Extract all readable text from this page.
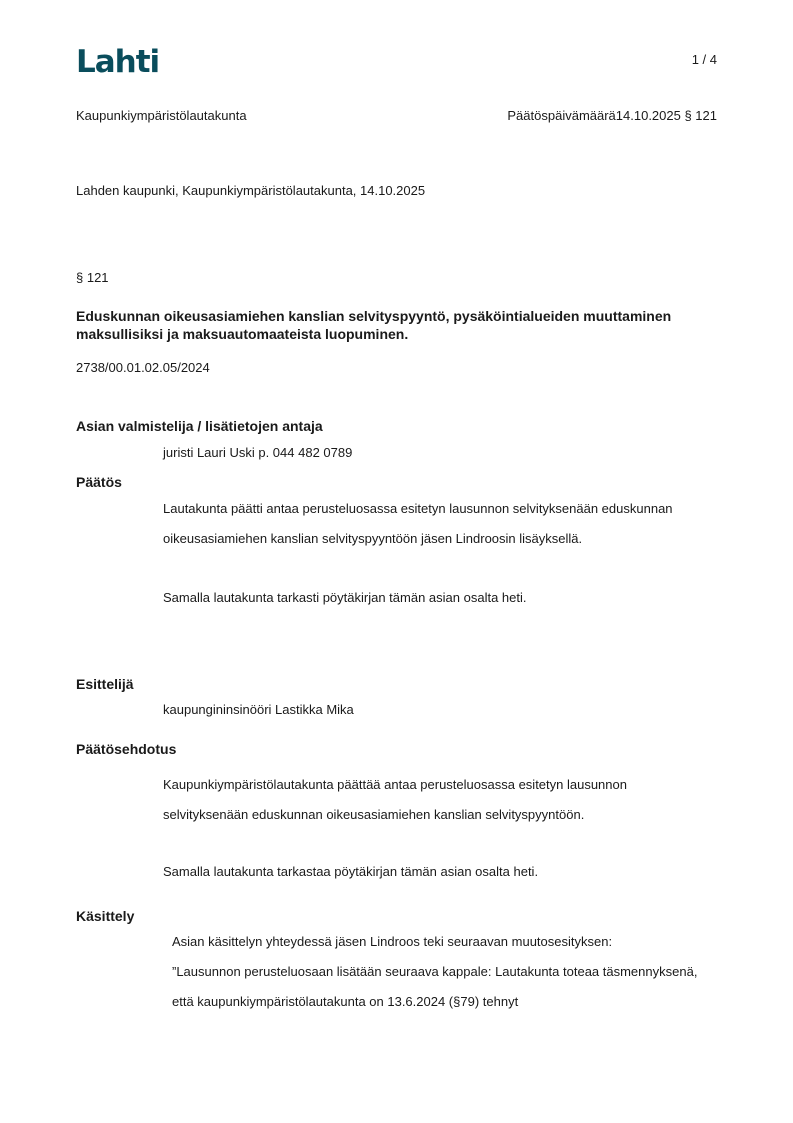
Lahti	1 / 4
Kaupunkiympäristölautakunta	Päätöspäivämäärä14.10.2025 § 121
Lahden kaupunki, Kaupunkiympäristölautakunta, 14.10.2025
§ 121
Eduskunnan oikeusasiamiehen kanslian selvityspyyntö, pysäköintialueiden muuttaminen maksullisiksi ja maksuautomaateista luopuminen.
2738/00.01.02.05/2024
Asian valmistelija / lisätietojen antaja
juristi Lauri Uski p. 044 482 0789
Päätös
Lautakunta päätti antaa perusteluosassa esitetyn lausunnon selvityksenään eduskunnan oikeusasiamiehen kanslian selvityspyyntöön jäsen Lindroosin lisäyksellä.
Samalla lautakunta tarkasti pöytäkirjan tämän asian osalta heti.
Esittelijä
kaupungininsinööri Lastikka Mika
Päätösehdotus
Kaupunkiympäristölautakunta päättää antaa perusteluosassa esitetyn lausunnon selvityksenään eduskunnan oikeusasiamiehen kanslian selvityspyyntöön.
Samalla lautakunta tarkastaa pöytäkirjan tämän asian osalta heti.
Käsittely
Asian käsittelyn yhteydessä jäsen Lindroos teki seuraavan muutosesityksen:
”Lausunnon perusteluosaan lisätään seuraava kappale: Lautakunta toteaa täsmennyksenä, että kaupunkiympäristölautakunta on 13.6.2024 (§79) tehnyt
